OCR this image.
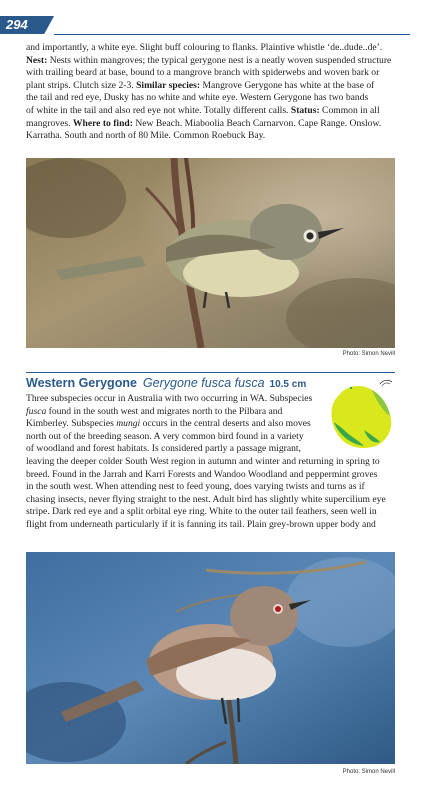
294
and importantly, a white eye. Slight buff colouring to flanks. Plaintive whistle ‘de..dude..de’.
Nest: Nests within mangroves; the typical gerygone nest is a neatly woven suspended structure
with trailing beard at base, bound to a mangrove branch with spiderwebs and woven bark or
plant strips. Clutch size 2-3. Similar species: Mangrove Gerygone has white at the base of
the tail and red eye, Dusky has no white and white eye. Western Gerygone has two bands
of white in the tail and also red eye not white. Totally different calls. Status: Common in all
mangroves. Where to find: New Beach. Miaboolia Beach Carnarvon. Cape Range. Onslow.
Karratha. South and north of 80 Mile. Common Roebuck Bay.
Photo: Simon Nevill
Western Gerygone Gerygone fusca fusca 10.5 cm
Three subspecies occur in Australia with two occurring in WA. Subspecies
fusca found in the south west and migrates north to the Pilbara and
Kimberley. Subspecies mungi occurs in the central deserts and also moves
north out of the breeding season. A very common bird found in a variety
of woodland and forest habitats. Is considered partly a passage migrant,
leaving the deeper colder South West region in autumn and winter and returning in spring to
breed. Found in the Jarrah and Karri Forests and Wandoo Woodland and peppermint groves
in the south west. When attending nest to feed young, does varying twists and turns as if
chasing insects, never flying straight to the nest. Adult bird has slightly white supercilium eye
stripe. Dark red eye and a split orbital eye ring. White to the outer tail feathers, seen well in
flight from underneath particularly if it is fanning its tail. Plain grey-brown upper body and
Photo: Simon Nevill
